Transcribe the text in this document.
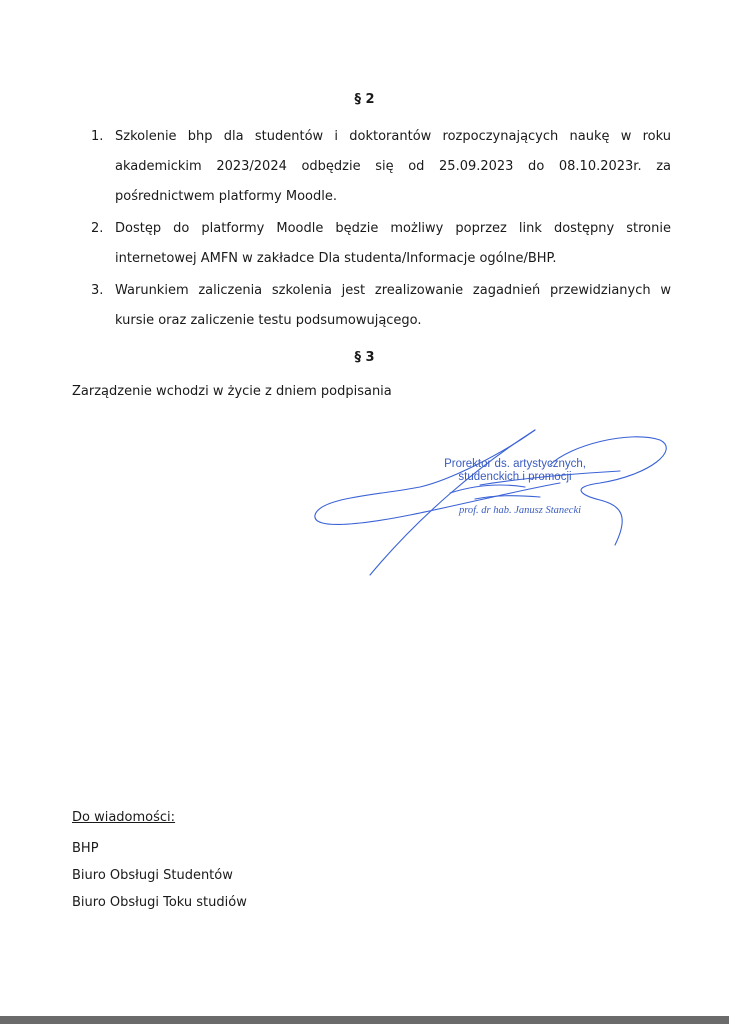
§ 2
1. Szkolenie bhp dla studentów i doktorantów rozpoczynających naukę w roku akademickim 2023/2024 odbędzie się od 25.09.2023 do 08.10.2023r. za pośrednictwem platformy Moodle.
2. Dostęp do platformy Moodle będzie możliwy poprzez link dostępny stronie internetowej AMFN w zakładce Dla studenta/Informacje ogólne/BHP.
3. Warunkiem zaliczenia szkolenia jest zrealizowanie zagadnień przewidzianych w kursie oraz zaliczenie testu podsumowującego.
§ 3
Zarządzenie wchodzi w życie z dniem podpisania
Prorektor ds. artystycznych,
studenckich i promocji
prof. dr hab. Janusz Stanecki
Do wiadomości:
BHP
Biuro Obsługi Studentów
Biuro Obsługi Toku studiów
